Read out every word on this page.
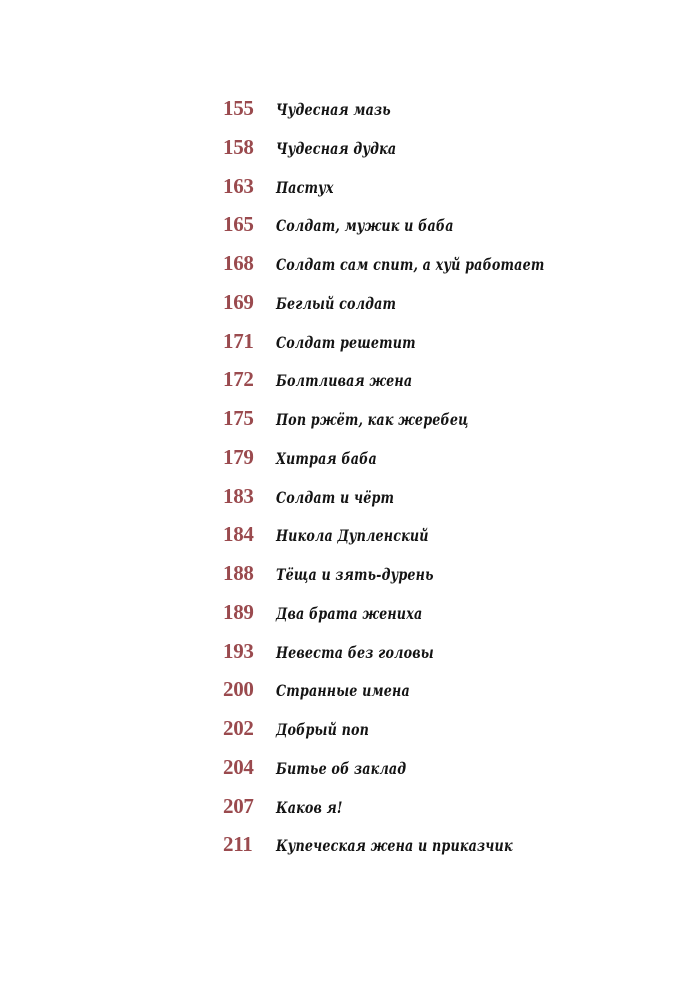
155	Чудесная мазь
158	Чудесная дудка
163	Пастух
165	Солдат, мужик и баба
168	Солдат сам спит, а хуй работает
169	Беглый солдат
171	Солдат решетит
172	Болтливая жена
175	Поп ржёт, как жеребец
179	Хитрая баба
183	Солдат и чёрт
184	Никола Дупленский
188	Тёща и зять-дурень
189	Два брата жениха
193	Невеста без головы
200	Странные имена
202	Добрый поп
204	Битье об заклад
207	Каков я!
211	Купеческая жена и приказчик
